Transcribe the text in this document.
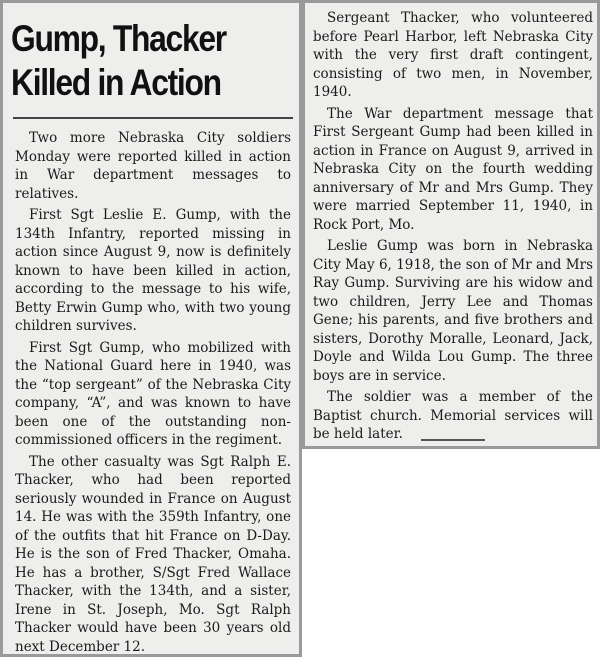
Gump, Thacker
Killed in Action

Two more Nebraska City soldiers Monday were reported killed in action in War department messages to relatives.

First Sgt Leslie E. Gump, with the 134th Infantry, reported missing in action since August 9, now is definitely known to have been killed in action, according to the message to his wife, Betty Erwin Gump who, with two young children survives.

First Sgt Gump, who mobilized with the National Guard here in 1940, was the “top sergeant” of the Nebraska City company, “A”, and was known to have been one of the outstanding non-commissioned officers in the regiment.

The other casualty was Sgt Ralph E. Thacker, who had been reported seriously wounded in France on August 14. He was with the 359th Infantry, one of the outfits that hit France on D-Day. He is the son of Fred Thacker, Omaha. He has a brother, S/Sgt Fred Wallace Thacker, with the 134th, and a sister, Irene in St. Joseph, Mo. Sgt Ralph Thacker would have been 30 years old next December 12.

Sergeant Thacker, who volunteered before Pearl Harbor, left Nebraska City with the very first draft contingent, consisting of two men, in November, 1940.

The War department message that First Sergeant Gump had been killed in action in France on August 9, arrived in Nebraska City on the fourth wedding anniversary of Mr and Mrs Gump. They were married September 11, 1940, in Rock Port, Mo.

Leslie Gump was born in Nebraska City May 6, 1918, the son of Mr and Mrs Ray Gump. Surviving are his widow and two children, Jerry Lee and Thomas Gene; his parents, and five brothers and sisters, Dorothy Moralle, Leonard, Jack, Doyle and Wilda Lou Gump. The three boys are in service.

The soldier was a member of the Baptist church. Memorial services will be held later.
